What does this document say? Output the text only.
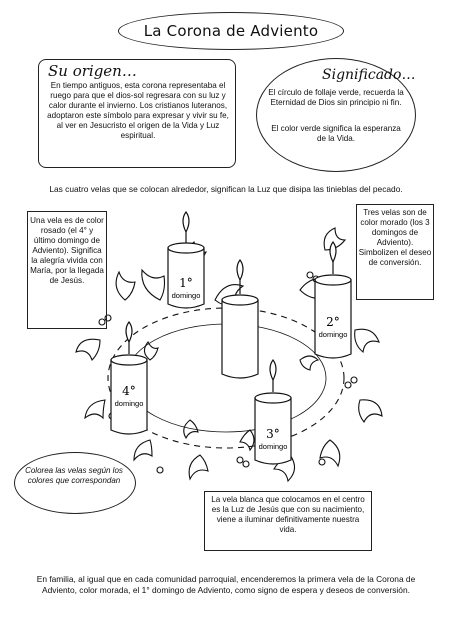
La Corona de Adviento
Su origen…
En tiempo antiguos, esta corona representaba el ruego para que el dios-sol regresara con su luz y calor durante el invierno. Los cristianos luteranos, adoptaron este símbolo para expresar y vivir su fe, al ver en Jesucristo el origen de la Vida y Luz espiritual.
Significado…
El círculo de follaje verde, recuerda la Eternidad de Dios sin principio ni fin.
El color verde significa la esperanza de la Vida.
Las cuatro velas que se colocan alrededor, significan la Luz que disipa las tinieblas del pecado.
1°
domingo
2°
domingo
3°
domingo
4°
domingo
Una vela es de color rosado (el 4° y último domingo de Adviento). Significa la alegría vivida con María, por la llegada de Jesús.
Tres velas son de color morado (los 3 domingos de Adviento). Simbolizen el deseo de conversión.
Colorea las velas según los colores que correspondan
La vela blanca que colocamos en el centro es la Luz de Jesús que con su nacimiento, viene a iluminar definitivamente nuestra vida.
En familia, al igual que en cada comunidad parroquial, encenderemos la primera vela de la Corona de Adviento, color morada, el 1° domingo de Adviento, como signo de espera y deseos de conversión.
